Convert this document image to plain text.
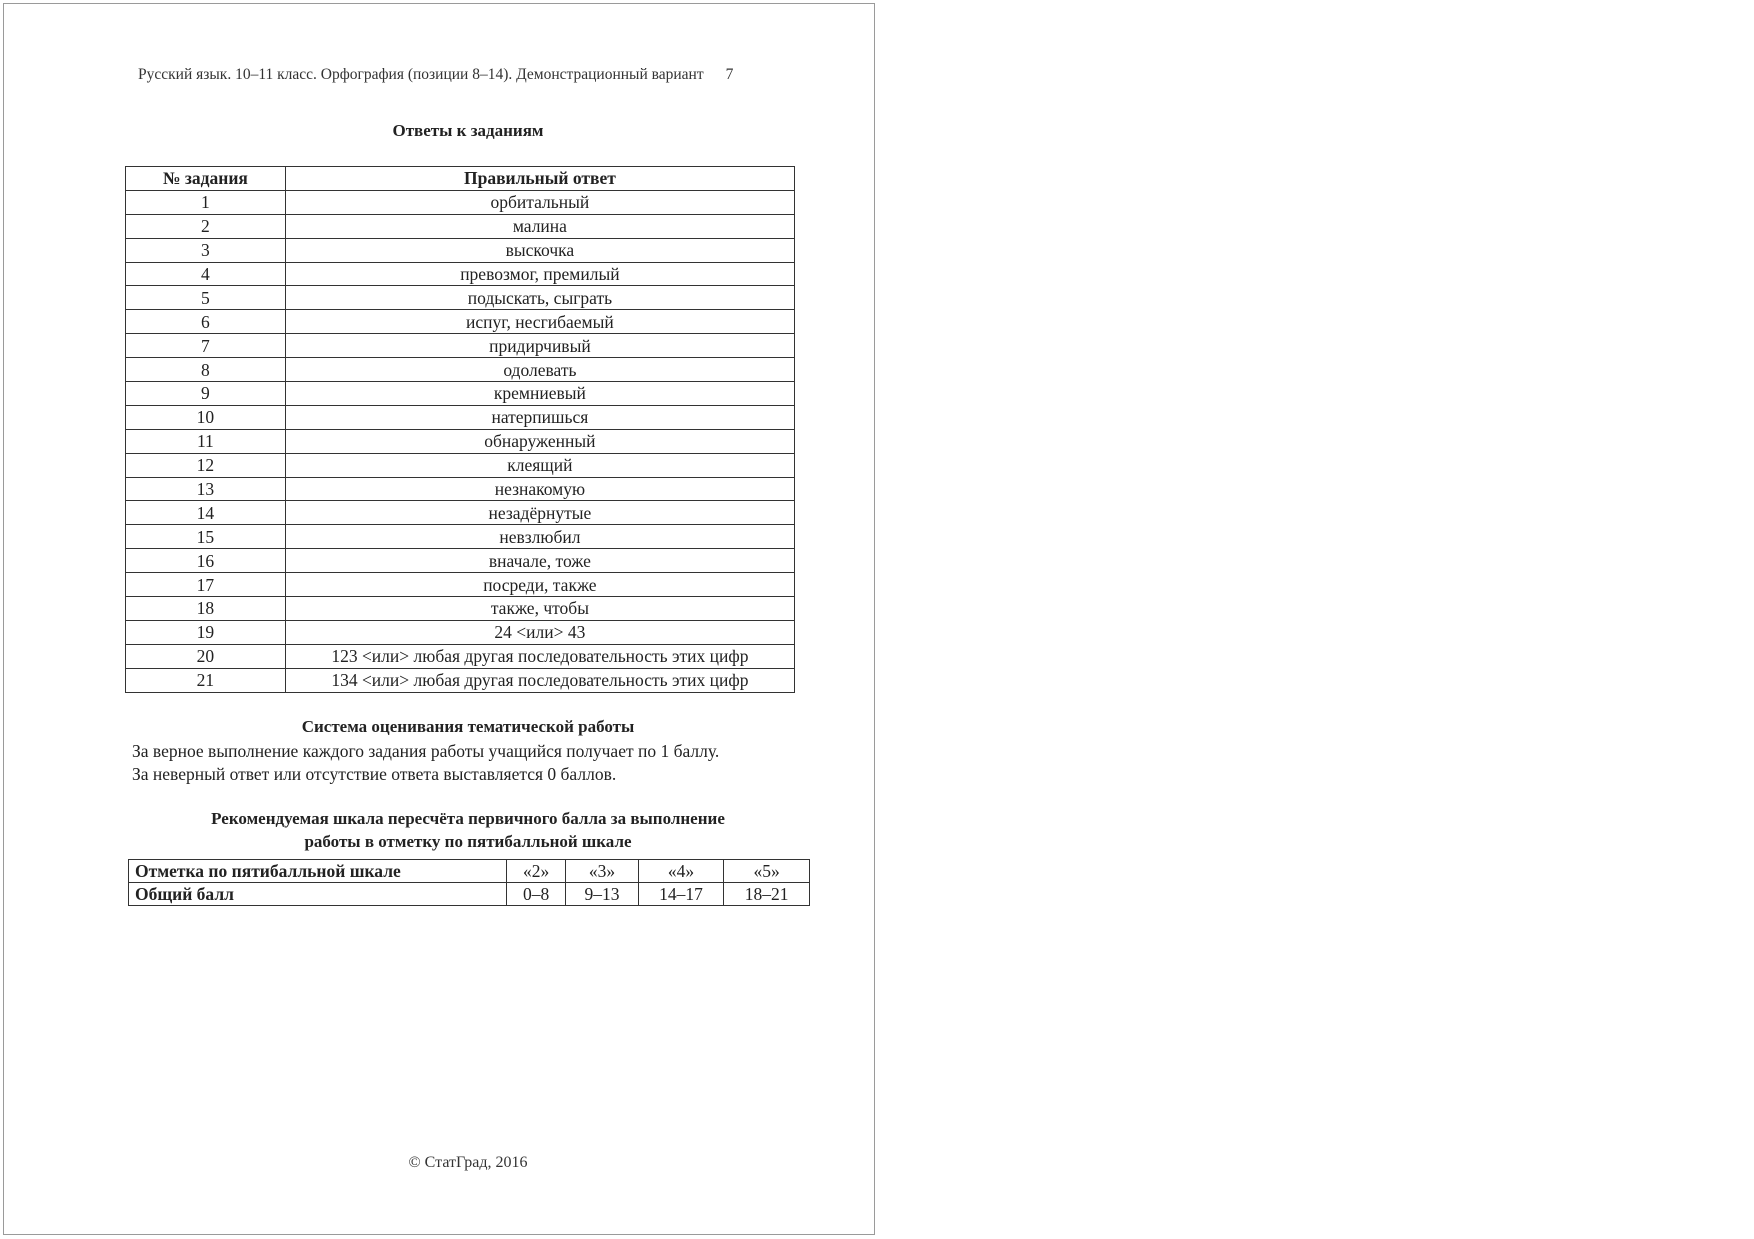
Русский язык. 10–11 класс. Орфография (позиции 8–14). Демонстрационный вариант 7
Ответы к заданиям
№ задания	Правильный ответ
1	орбитальный
2	малина
3	выскочка
4	превозмог, премилый
5	подыскать, сыграть
6	испуг, несгибаемый
7	придирчивый
8	одолевать
9	кремниевый
10	натерпишься
11	обнаруженный
12	клеящий
13	незнакомую
14	незадёрнутые
15	невзлюбил
16	вначале, тоже
17	посреди, также
18	также, чтобы
19	24 <или> 43
20	123 <или> любая другая последовательность этих цифр
21	134 <или> любая другая последовательность этих цифр
Система оценивания тематической работы
За верное выполнение каждого задания работы учащийся получает по 1 баллу.
За неверный ответ или отсутствие ответа выставляется 0 баллов.
Рекомендуемая шкала пересчёта первичного балла за выполнение
работы в отметку по пятибалльной шкале
Отметка по пятибалльной шкале	«2»	«3»	«4»	«5»
Общий балл	0–8	9–13	14–17	18–21
© СтатГрад, 2016
